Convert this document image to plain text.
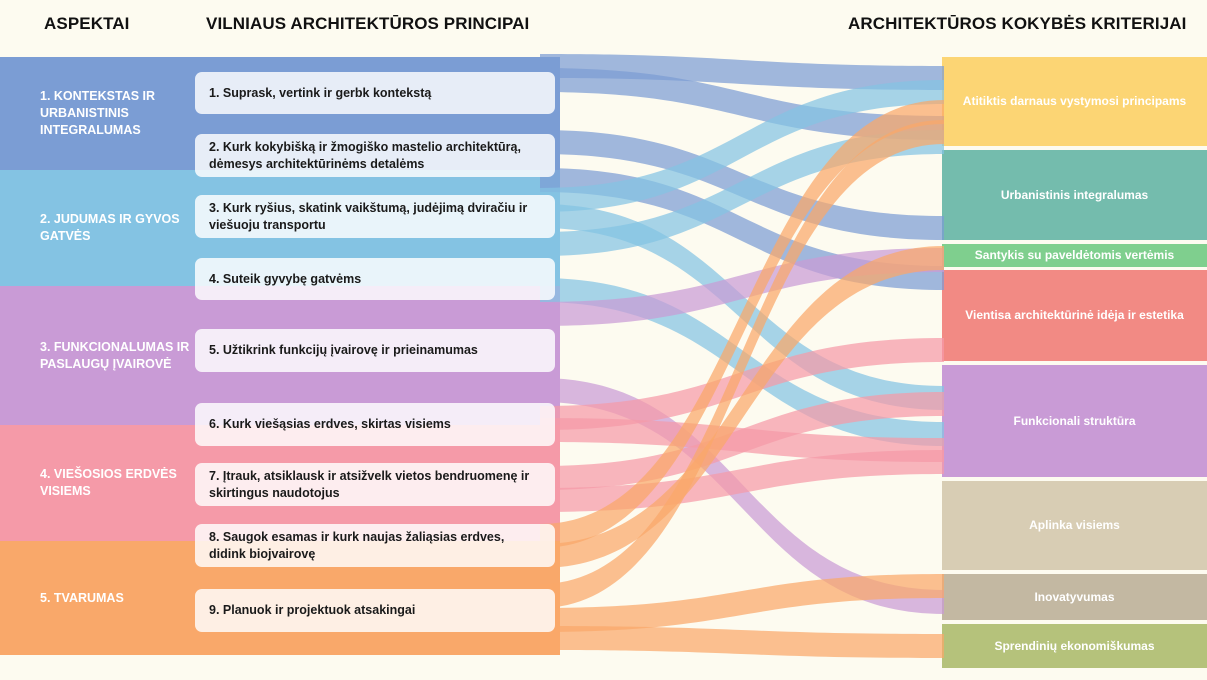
ASPEKTAI	VILNIAUS ARCHITEKTŪROS PRINCIPAI	ARCHITEKTŪROS KOKYBĖS KRITERIJAI
1. KONTEKSTAS IR URBANISTINIS INTEGRALUMAS
2. JUDUMAS IR GYVOS GATVĖS
3. FUNKCIONALUMAS IR PASLAUGŲ ĮVAIROVĖ
4. VIEŠOSIOS ERDVĖS VISIEMS
5. TVARUMAS
1. Suprask, vertink ir gerbk kontekstą
2. Kurk kokybišką ir žmogiško mastelio architektūrą, dėmesys architektūrinėms detalėms
3. Kurk ryšius, skatink vaikštumą, judėjimą dviračiu ir viešuoju transportu
4. Suteik gyvybę gatvėms
5. Užtikrink funkcijų įvairovę ir prieinamumas
6. Kurk viešąsias erdves, skirtas visiems
7. Įtrauk, atsiklausk ir atsižvelk vietos bendruomenę ir skirtingus naudotojus
8. Saugok esamas ir kurk naujas žaliąsias erdves, didink biojvairovę
9. Planuok ir projektuok atsakingai
Atitiktis darnaus vystymosi principams
Urbanistinis integralumas
Santykis su paveldėtomis vertėmis
Vientisa architektūrinė idėja ir estetika
Funkcionali struktūra
Aplinka visiems
Inovatyvumas
Sprendinių ekonomiškumas
